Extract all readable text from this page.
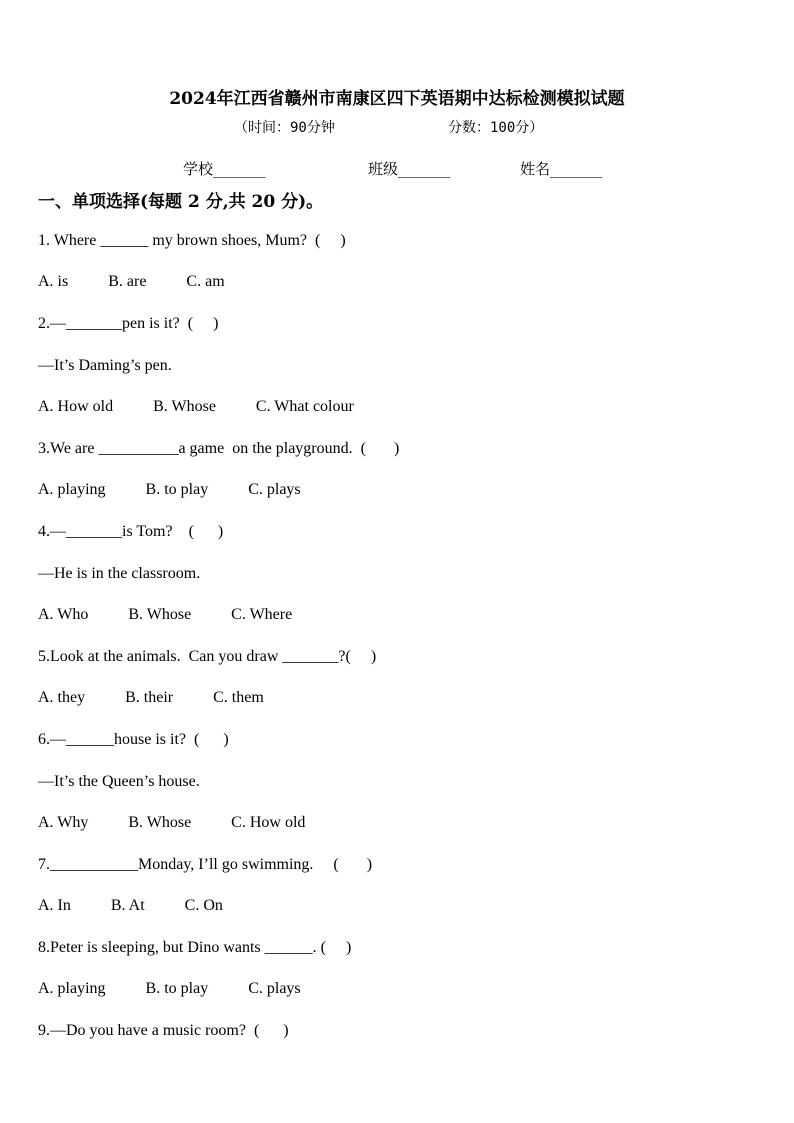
2024年江西省赣州市南康区四下英语期中达标检测模拟试题
（时间：90分钟	分数：100分）
学校_______	班级_______	姓名_______
一、单项选择(每题 2 分,共 20 分)。
1. Where ______ my brown shoes, Mum?  (     )
A. is          B. are          C. am
2.—_______pen is it?  (     )
—It’s Daming’s pen.
A. How old          B. Whose          C. What colour
3.We are __________a game  on the playground.  (       )
A. playing          B. to play          C. plays
4.—_______is Tom?    (      )
—He is in the classroom.
A. Who          B. Whose          C. Where
5.Look at the animals.  Can you draw _______?(     )
A. they          B. their          C. them
6.—______house is it?  (      )
—It’s the Queen’s house.
A. Why          B. Whose          C. How old
7.___________Monday, I’ll go swimming.     (       )
A. In          B. At          C. On
8.Peter is sleeping, but Dino wants ______. (     )
A. playing          B. to play          C. plays
9.—Do you have a music room?  (      )
